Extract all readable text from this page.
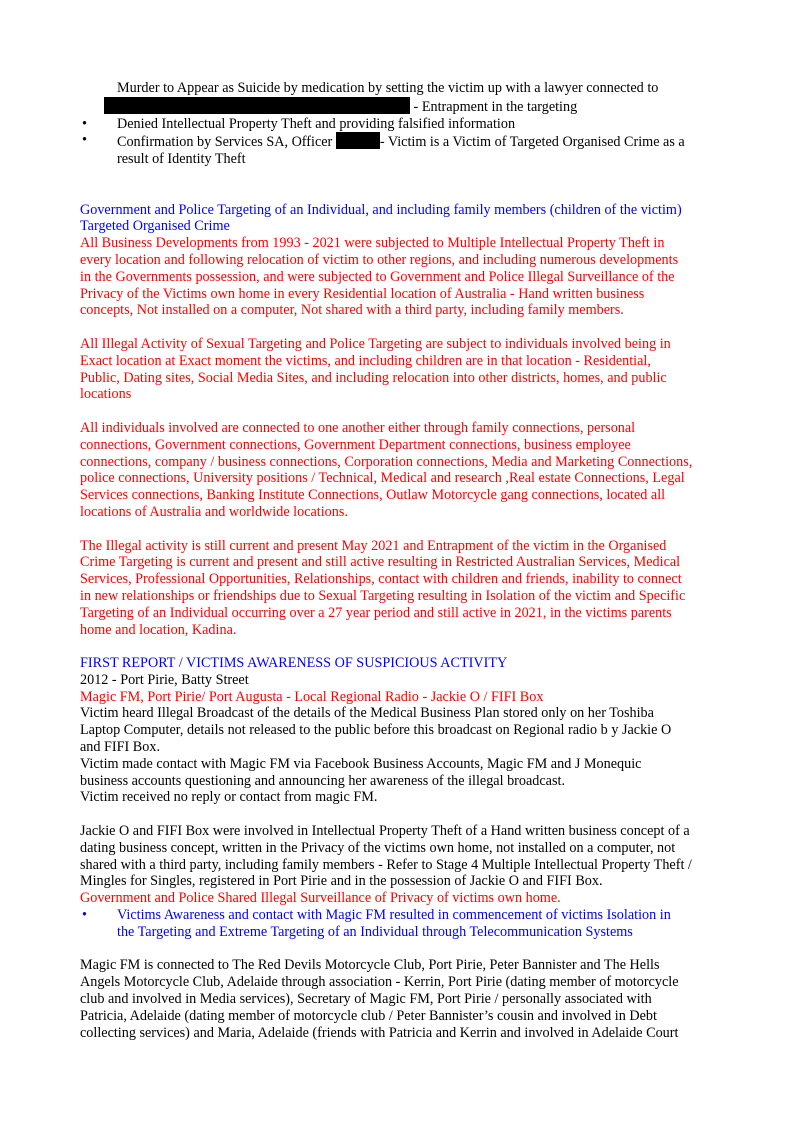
Murder to Appear as Suicide by medication by setting the victim up with a lawyer connected to
- Entrapment in the targeting
• Denied Intellectual Property Theft and providing falsified information
• Confirmation by Services SA, Officer	- Victim is a Victim of Targeted Organised Crime as a
result of Identity Theft
Government and Police Targeting of an Individual, and including family members (children of the victim)
Targeted Organised Crime
All Business Developments from 1993 - 2021 were subjected to Multiple Intellectual Property Theft in
every location and following relocation of victim to other regions, and including numerous developments
in the Governments possession, and were subjected to Government and Police Illegal Surveillance of the
Privacy of the Victims own home in every Residential location of Australia - Hand written business
concepts, Not installed on a computer, Not shared with a third party, including family members.
All Illegal Activity of Sexual Targeting and Police Targeting are subject to individuals involved being in
Exact location at Exact moment the victims, and including children are in that location - Residential,
Public, Dating sites, Social Media Sites, and including relocation into other districts, homes, and public
locations
All individuals involved are connected to one another either through family connections, personal
connections, Government connections, Government Department connections, business employee
connections, company / business connections, Corporation connections, Media and Marketing Connections,
police connections, University positions / Technical, Medical and research ,Real estate Connections, Legal
Services connections, Banking Institute Connections, Outlaw Motorcycle gang connections, located all
locations of Australia and worldwide locations.
The Illegal activity is still current and present May 2021 and Entrapment of the victim in the Organised
Crime Targeting is current and present and still active resulting in Restricted Australian Services, Medical
Services, Professional Opportunities, Relationships, contact with children and friends, inability to connect
in new relationships or friendships due to Sexual Targeting resulting in Isolation of the victim and Specific
Targeting of an Individual occurring over a 27 year period and still active in 2021, in the victims parents
home and location, Kadina.
FIRST REPORT / VICTIMS AWARENESS OF SUSPICIOUS ACTIVITY
2012 - Port Pirie, Batty Street
Magic FM, Port Pirie/ Port Augusta - Local Regional Radio - Jackie O / FIFI Box
Victim heard Illegal Broadcast of the details of the Medical Business Plan stored only on her Toshiba
Laptop Computer, details not released to the public before this broadcast on Regional radio b y Jackie O
and FIFI Box.
Victim made contact with Magic FM via Facebook Business Accounts, Magic FM and J Monequic
business accounts questioning and announcing her awareness of the illegal broadcast.
Victim received no reply or contact from magic FM.
Jackie O and FIFI Box were involved in Intellectual Property Theft of a Hand written business concept of a
dating business concept, written in the Privacy of the victims own home, not installed on a computer, not
shared with a third party, including family members - Refer to Stage 4 Multiple Intellectual Property Theft /
Mingles for Singles, registered in Port Pirie and in the possession of Jackie O and FIFI Box.
Government and Police Shared Illegal Surveillance of Privacy of victims own home.
• Victims Awareness and contact with Magic FM resulted in commencement of victims Isolation in
the Targeting and Extreme Targeting of an Individual through Telecommunication Systems
Magic FM is connected to The Red Devils Motorcycle Club, Port Pirie, Peter Bannister and The Hells
Angels Motorcycle Club, Adelaide through association - Kerrin, Port Pirie (dating member of motorcycle
club and involved in Media services), Secretary of Magic FM, Port Pirie / personally associated with
Patricia, Adelaide (dating member of motorcycle club / Peter Bannister’s cousin and involved in Debt
collecting services) and Maria, Adelaide (friends with Patricia and Kerrin and involved in Adelaide Court
